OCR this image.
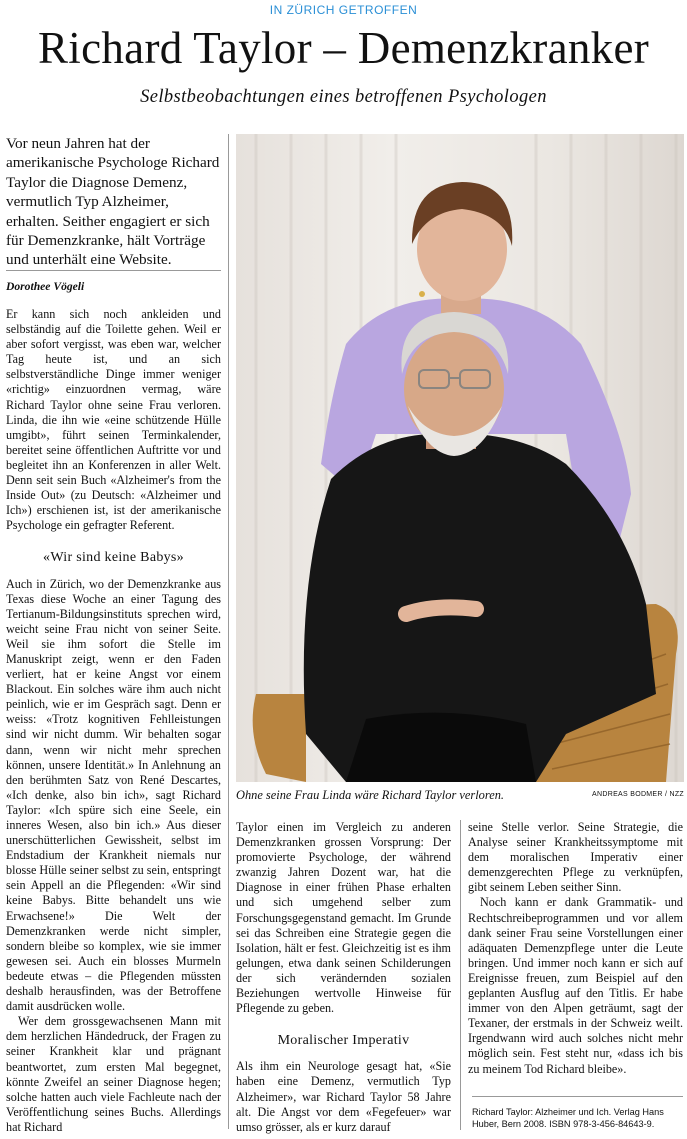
IN ZÜRICH GETROFFEN
Richard Taylor – Demenzkranker
Selbstbeobachtungen eines betroffenen Psychologen
Vor neun Jahren hat der amerikanische Psychologe Richard Taylor die Diagnose Demenz, vermutlich Typ Alzheimer, erhalten. Seither engagiert er sich für Demenzkranke, hält Vorträge und unterhält eine Website.
Dorothee Vögeli

Er kann sich noch ankleiden und selbständig auf die Toilette gehen. Weil er aber sofort vergisst, was eben war, welcher Tag heute ist, und an sich selbstverständliche Dinge immer weniger «richtig» einzuordnen vermag, wäre Richard Taylor ohne seine Frau verloren. Linda, die ihn wie «eine schützende Hülle umgibt», führt seinen Terminkalender, bereitet seine öffentlichen Auftritte vor und begleitet ihn an Konferenzen in aller Welt. Denn seit sein Buch «Alzheimer's from the Inside Out» (zu Deutsch: «Alzheimer und Ich») erschienen ist, ist der amerikanische Psychologe ein gefragter Referent.

«Wir sind keine Babys»

Auch in Zürich, wo der Demenzkranke aus Texas diese Woche an einer Tagung des Tertianum-Bildungsinstituts sprechen wird, weicht seine Frau nicht von seiner Seite. Weil sie ihm sofort die Stelle im Manuskript zeigt, wenn er den Faden verliert, hat er keine Angst vor einem Blackout. Ein solches wäre ihm auch nicht peinlich, wie er im Gespräch sagt. Denn er weiss: «Trotz kognitiven Fehlleistungen sind wir nicht dumm. Wir behalten sogar dann, wenn wir nicht mehr sprechen können, unsere Identität.» In Anlehnung an den berühmten Satz von René Descartes, «Ich denke, also bin ich», sagt Richard Taylor: «Ich spüre sich eine Seele, ein inneres Wesen, also bin ich.» Aus dieser unerschütterlichen Gewissheit, selbst im Endstadium der Krankheit niemals nur blosse Hülle seiner selbst zu sein, entspringt sein Appell an die Pflegenden: «Wir sind keine Babys. Bitte behandelt uns wie Erwachsene!» Die Welt der Demenzkranken werde nicht simpler, sondern bleibe so komplex, wie sie immer gewesen sei. Auch ein blosses Murmeln bedeute etwas – die Pflegenden müssten deshalb herausfinden, was der Betroffene damit ausdrücken wolle.

Wer dem grossgewachsenen Mann mit dem herzlichen Händedruck, der Fragen zu seiner Krankheit klar und prägnant beantwortet, zum ersten Mal begegnet, könnte Zweifel an seiner Diagnose hegen; solche hatten auch viele Fachleute nach der Veröffentlichung seines Buchs. Allerdings hat Richard

Ohne seine Frau Linda wäre Richard Taylor verloren.	ANDREAS BODMER / NZZ

Taylor einen im Vergleich zu anderen Demenzkranken grossen Vorsprung: Der promovierte Psychologe, der während zwanzig Jahren Dozent war, hat die Diagnose in einer frühen Phase erhalten und sich umgehend selber zum Forschungsgegenstand gemacht. Im Grunde sei das Schreiben eine Strategie gegen die Isolation, hält er fest. Gleichzeitig ist es ihm gelungen, etwa dank seinen Schilderungen der sich verändernden sozialen Beziehungen wertvolle Hinweise für Pflegende zu geben.

Moralischer Imperativ

Als ihm ein Neurologe gesagt hat, «Sie haben eine Demenz, vermutlich Typ Alzheimer», war Richard Taylor 58 Jahre alt. Die Angst vor dem «Fegefeuer» war umso grösser, als er kurz darauf

seine Stelle verlor. Seine Strategie, die Analyse seiner Krankheitssymptome mit dem moralischen Imperativ einer demenzgerechten Pflege zu verknüpfen, gibt seinem Leben seither Sinn.

Noch kann er dank Grammatik- und Rechtschreibeprogrammen und vor allem dank seiner Frau seine Vorstellungen einer adäquaten Demenzpflege unter die Leute bringen. Und immer noch kann er sich auf Ereignisse freuen, zum Beispiel auf den geplanten Ausflug auf den Titlis. Er habe immer von den Alpen geträumt, sagt der Texaner, der erstmals in der Schweiz weilt. Irgendwann wird auch solches nicht mehr möglich sein. Fest steht nur, «dass ich bis zu meinem Tod Richard bleibe».

Richard Taylor: Alzheimer und Ich. Verlag Hans Huber, Bern 2008. ISBN 978-3-456-84643-9.
